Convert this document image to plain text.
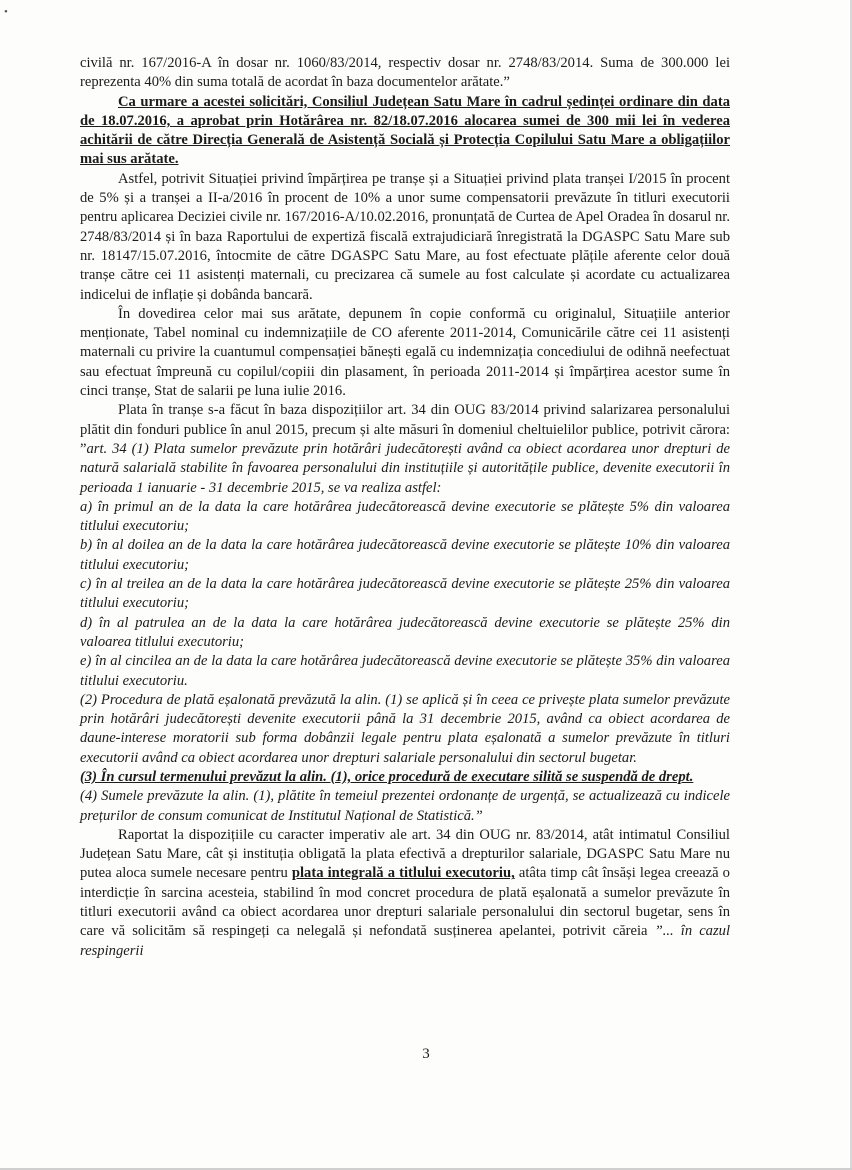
•

civilă nr. 167/2016-A în dosar nr. 1060/83/2014, respectiv dosar nr. 2748/83/2014. Suma de 300.000 lei reprezenta 40% din suma totală de acordat în baza documentelor arătate.”

Ca urmare a acestei solicitări, Consiliul Județean Satu Mare în cadrul ședinței ordinare din data de 18.07.2016, a aprobat prin Hotărârea nr. 82/18.07.2016 alocarea sumei de 300 mii lei în vederea achitării de către Direcția Generală de Asistență Socială și Protecția Copilului Satu Mare a obligațiilor mai sus arătate.

Astfel, potrivit Situației privind împărțirea pe tranșe și a Situației privind plata tranșei I/2015 în procent de 5% și a tranșei a II-a/2016 în procent de 10% a unor sume compensatorii prevăzute în titluri executorii pentru aplicarea Deciziei civile nr. 167/2016-A/10.02.2016, pronunțată de Curtea de Apel Oradea în dosarul nr. 2748/83/2014 și în baza Raportului de expertiză fiscală extrajudiciară înregistrată la DGASPC Satu Mare sub nr. 18147/15.07.2016, întocmite de către DGASPC Satu Mare, au fost efectuate plățile aferente celor două tranșe către cei 11 asistenți maternali, cu precizarea că sumele au fost calculate și acordate cu actualizarea indicelui de inflație și dobânda bancară.

În dovedirea celor mai sus arătate, depunem în copie conformă cu originalul, Situațiile anterior menționate, Tabel nominal cu indemnizațiile de CO aferente 2011-2014, Comunicările către cei 11 asistenți maternali cu privire la cuantumul compensației bănești egală cu indemnizația concediului de odihnă neefectuat sau efectuat împreună cu copilul/copiii din plasament, în perioada 2011-2014 și împărțirea acestor sume în cinci tranșe, Stat de salarii pe luna iulie 2016.

Plata în tranșe s-a făcut în baza dispozițiilor art. 34 din OUG 83/2014 privind salarizarea personalului plătit din fonduri publice în anul 2015, precum și alte măsuri în domeniul cheltuielilor publice, potrivit cărora: ”art. 34 (1) Plata sumelor prevăzute prin hotărâri judecătorești având ca obiect acordarea unor drepturi de natură salarială stabilite în favoarea personalului din instituțiile și autoritățile publice, devenite executorii în perioada 1 ianuarie - 31 decembrie 2015, se va realiza astfel:

a) în primul an de la data la care hotărârea judecătorească devine executorie se plătește 5% din valoarea titlului executoriu;

b) în al doilea an de la data la care hotărârea judecătorească devine executorie se plătește 10% din valoarea titlului executoriu;

c) în al treilea an de la data la care hotărârea judecătorească devine executorie se plătește 25% din valoarea titlului executoriu;

d) în al patrulea an de la data la care hotărârea judecătorească devine executorie se plătește 25% din valoarea titlului executoriu;

e) în al cincilea an de la data la care hotărârea judecătorească devine executorie se plătește 35% din valoarea titlului executoriu.

(2) Procedura de plată eșalonată prevăzută la alin. (1) se aplică și în ceea ce privește plata sumelor prevăzute prin hotărâri judecătorești devenite executorii până la 31 decembrie 2015, având ca obiect acordarea de daune-interese moratorii sub forma dobânzii legale pentru plata eșalonată a sumelor prevăzute în titluri executorii având ca obiect acordarea unor drepturi salariale personalului din sectorul bugetar.

(3) În cursul termenului prevăzut la alin. (1), orice procedură de executare silită se suspendă de drept.

(4) Sumele prevăzute la alin. (1), plătite în temeiul prezentei ordonanțe de urgență, se actualizează cu indicele prețurilor de consum comunicat de Institutul Național de Statistică.”

Raportat la dispozițiile cu caracter imperativ ale art. 34 din OUG nr. 83/2014, atât intimatul Consiliul Județean Satu Mare, cât și instituția obligată la plata efectivă a drepturilor salariale, DGASPC Satu Mare nu putea aloca sumele necesare pentru plata integrală a titlului executoriu, atâta timp cât însăși legea creează o interdicție în sarcina acesteia, stabilind în mod concret procedura de plată eșalonată a sumelor prevăzute în titluri executorii având ca obiect acordarea unor drepturi salariale personalului din sectorul bugetar, sens în care vă solicităm să respingeți ca nelegală și nefondată susținerea apelantei, potrivit căreia ”... în cazul respingerii

3
